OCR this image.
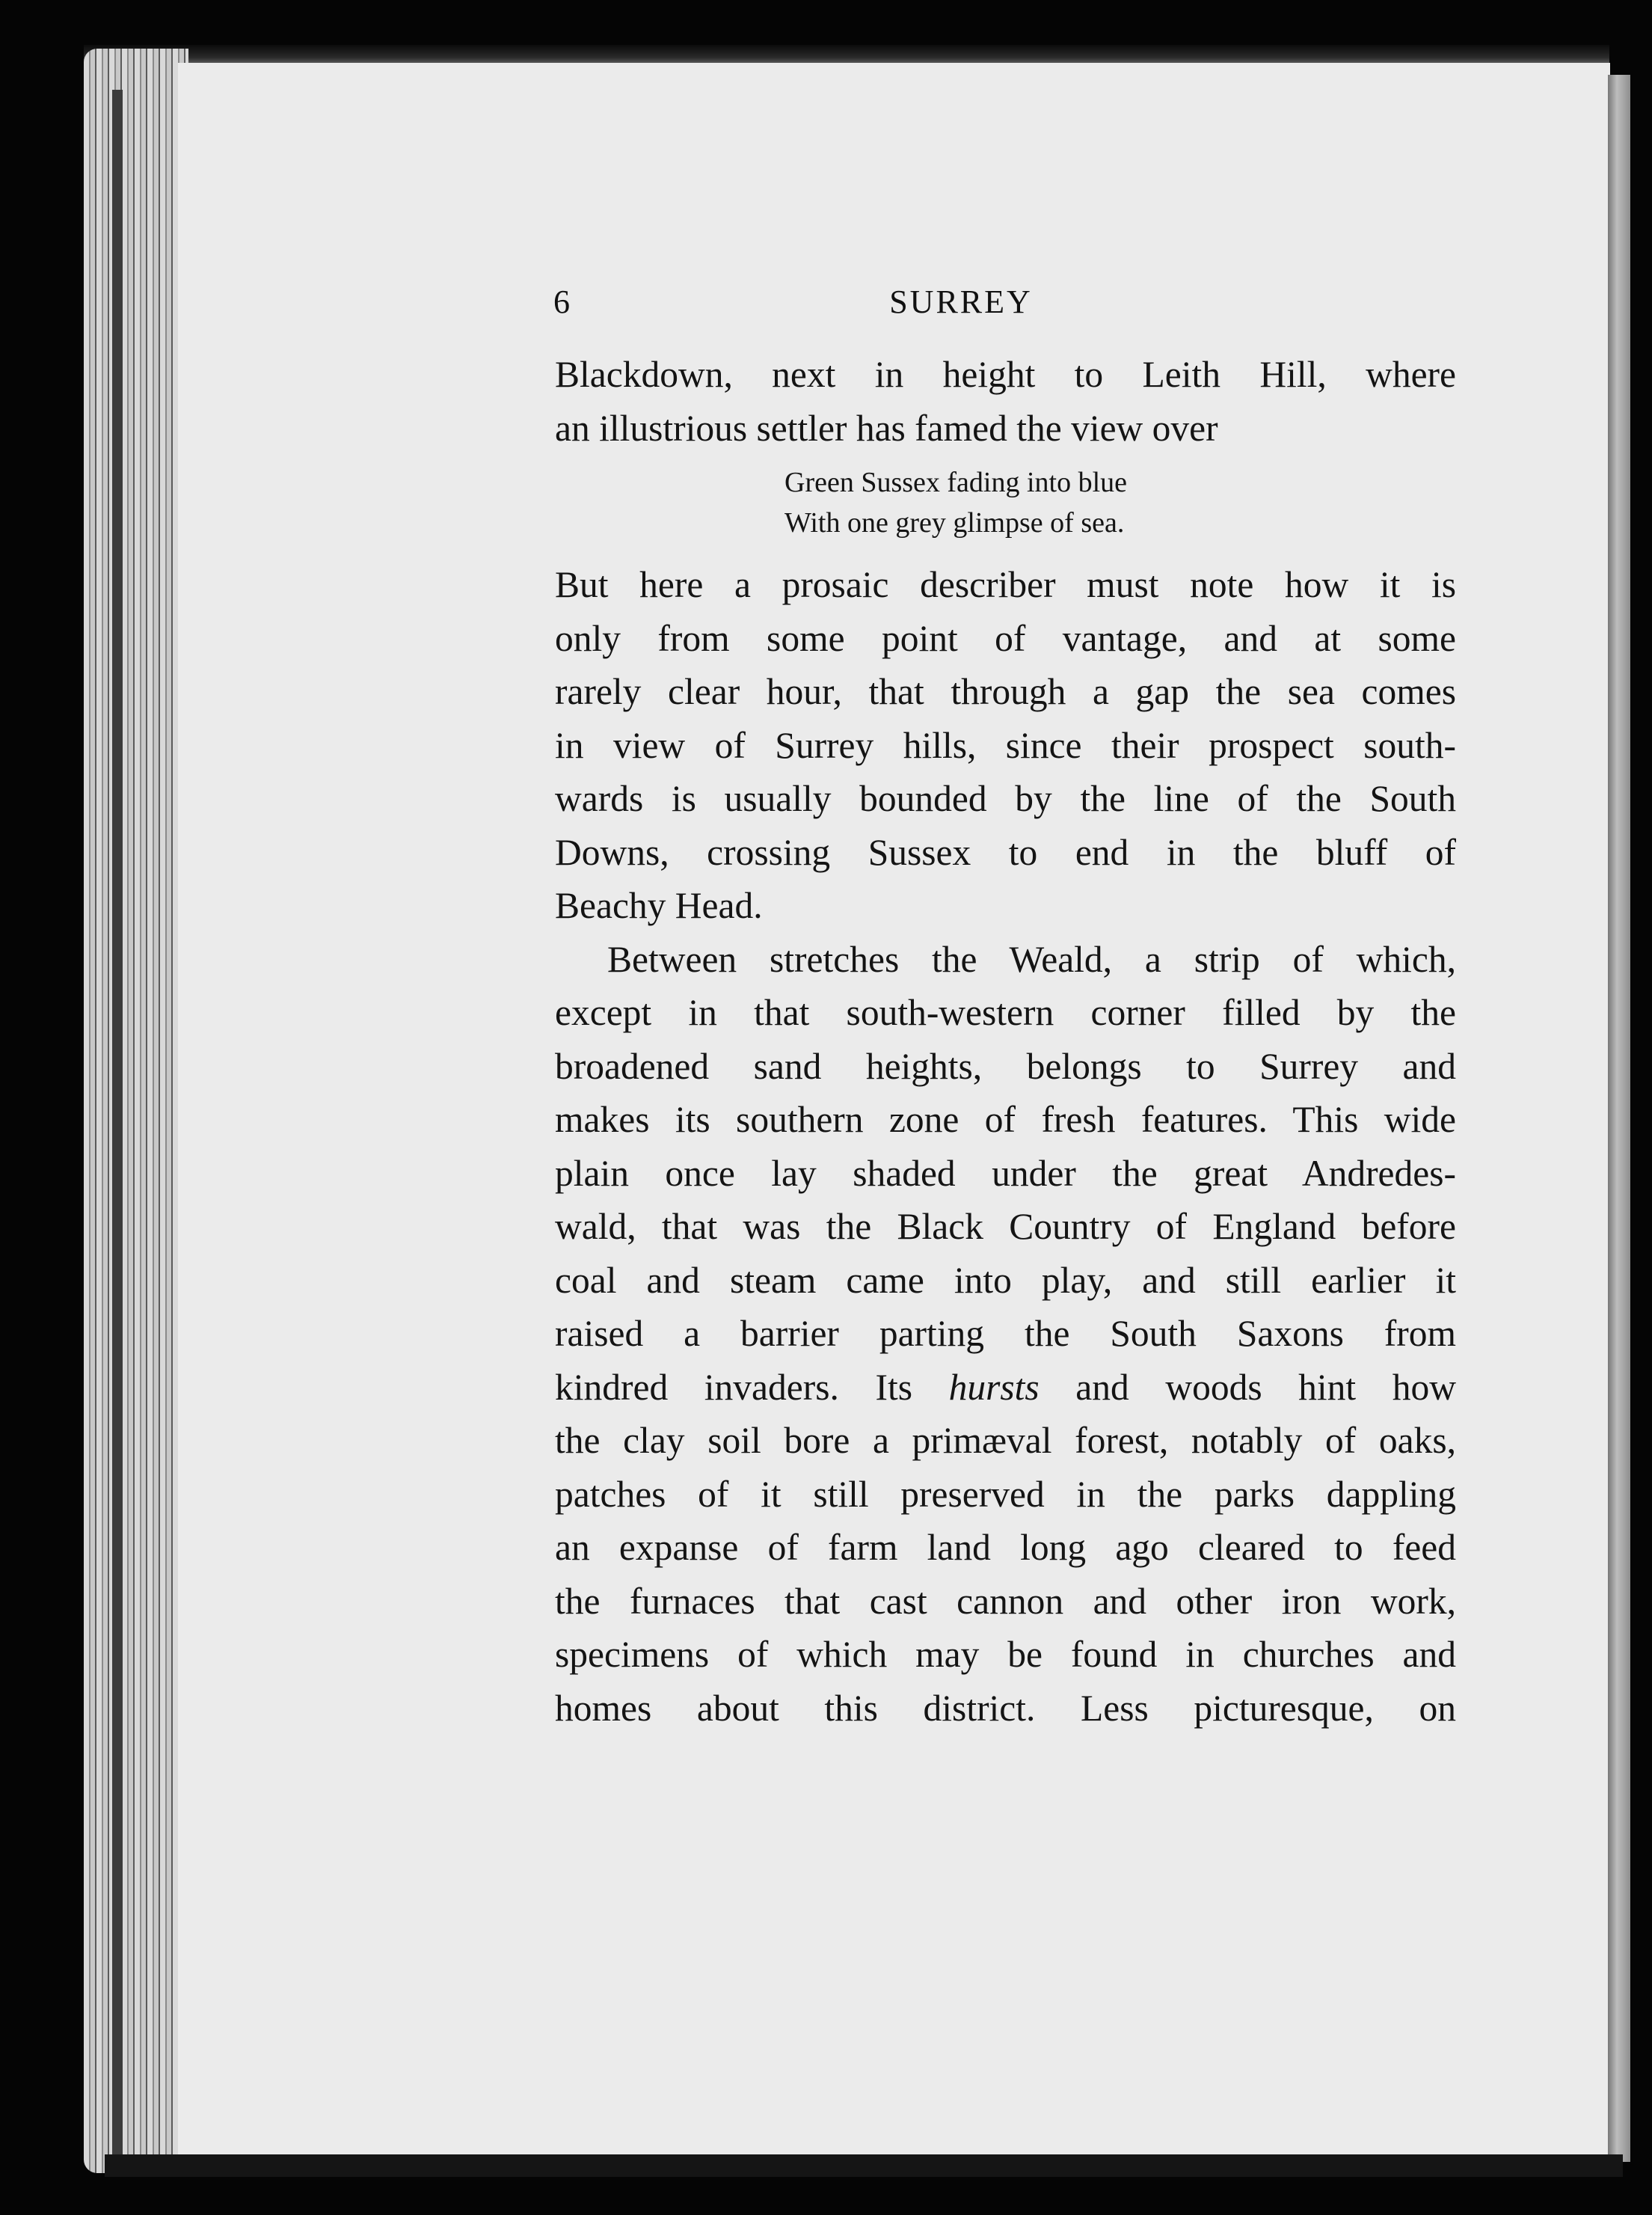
6	SURREY
Blackdown, next in height to Leith Hill, where
an illustrious settler has famed the view over
Green Sussex fading into blue
With one grey glimpse of sea.
But here a prosaic describer must note how it is
only from some point of vantage, and at some
rarely clear hour, that through a gap the sea comes
in view of Surrey hills, since their prospect south-
wards is usually bounded by the line of the South
Downs, crossing Sussex to end in the bluff of
Beachy Head.
Between stretches the Weald, a strip of which,
except in that south-western corner filled by the
broadened sand heights, belongs to Surrey and
makes its southern zone of fresh features. This wide
plain once lay shaded under the great Andredes-
wald, that was the Black Country of England before
coal and steam came into play, and still earlier it
raised a barrier parting the South Saxons from
kindred invaders. Its hursts and woods hint how
the clay soil bore a primæval forest, notably of oaks,
patches of it still preserved in the parks dappling
an expanse of farm land long ago cleared to feed
the furnaces that cast cannon and other iron work,
specimens of which may be found in churches and
homes about this district. Less picturesque, on
